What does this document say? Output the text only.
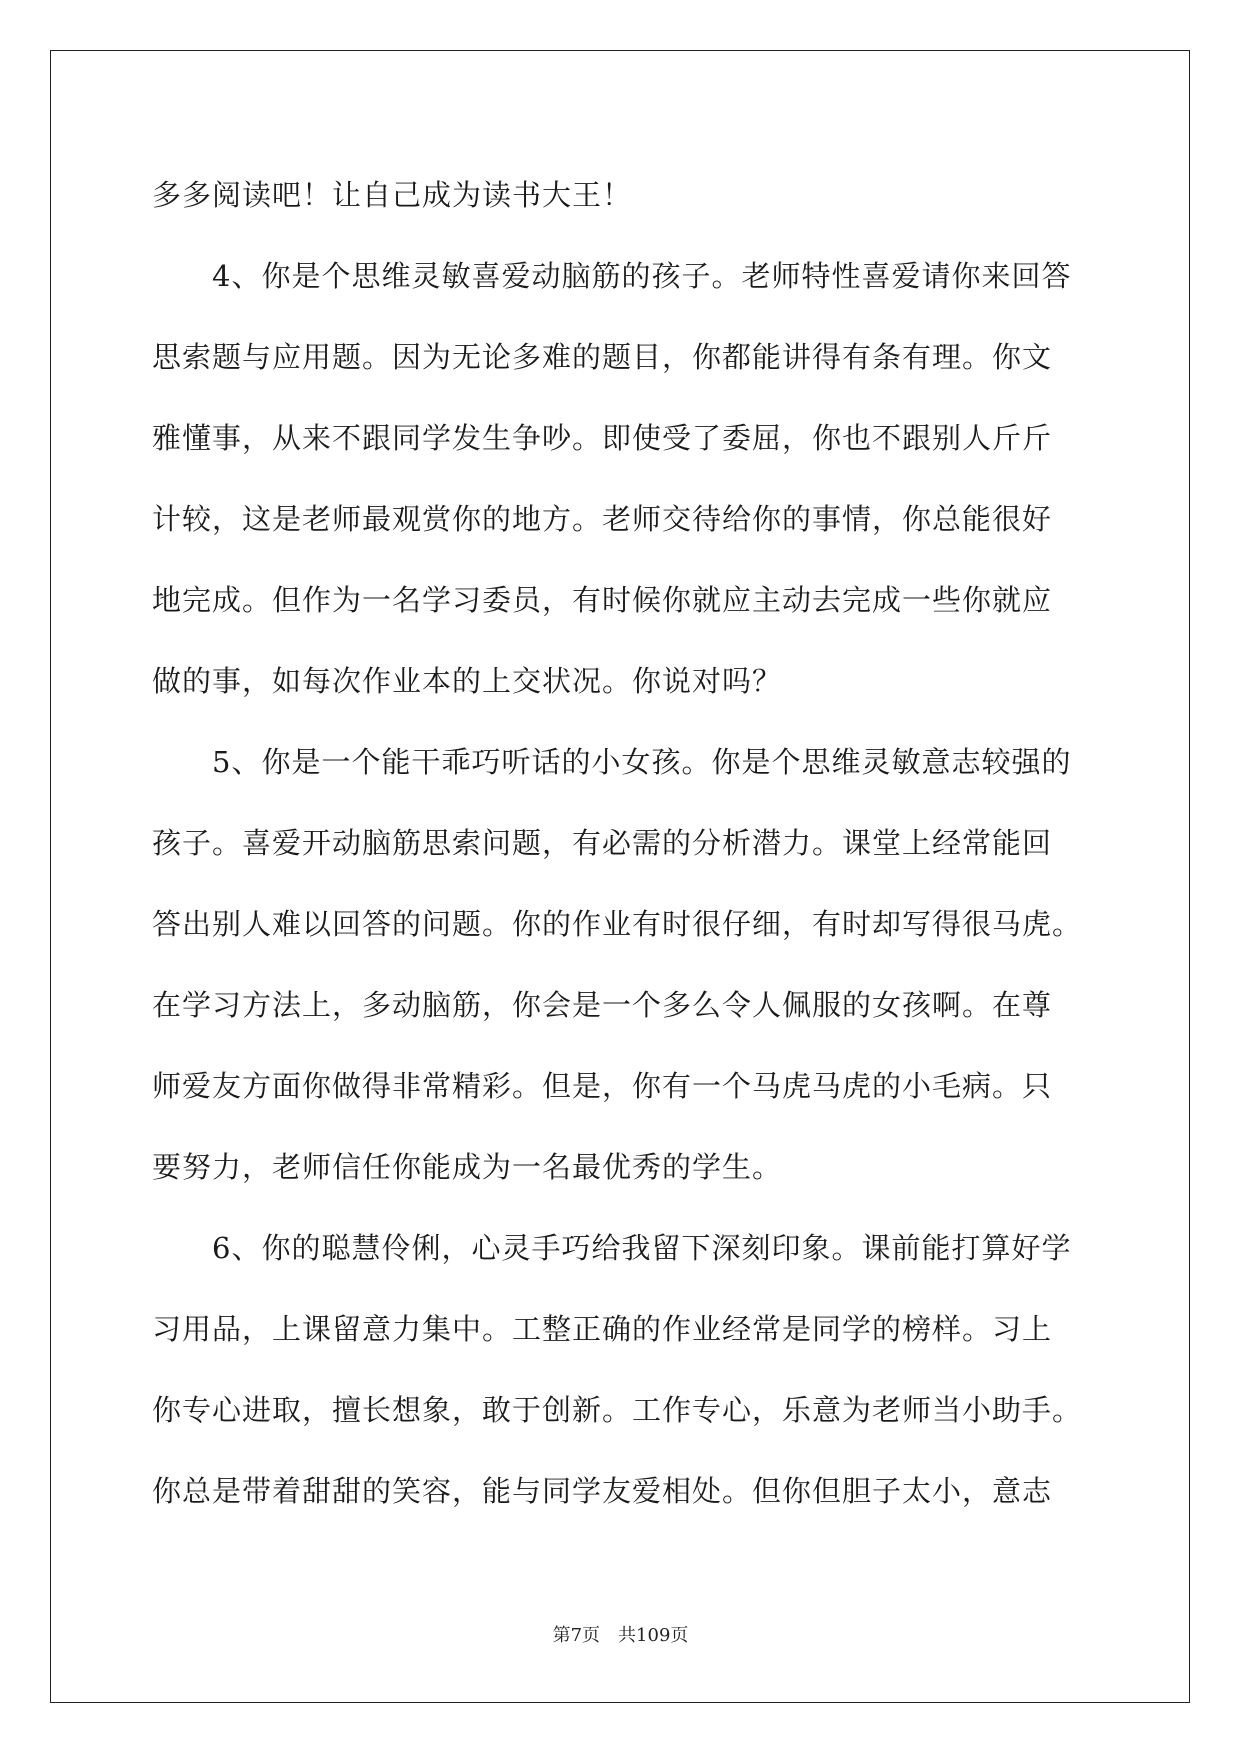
多多阅读吧！让自己成为读书大王！
　　4、你是个思维灵敏喜爱动脑筋的孩子。老师特性喜爱请你来回答
思索题与应用题。因为无论多难的题目，你都能讲得有条有理。你文
雅懂事，从来不跟同学发生争吵。即使受了委屈，你也不跟别人斤斤
计较，这是老师最观赏你的地方。老师交待给你的事情，你总能很好
地完成。但作为一名学习委员，有时候你就应主动去完成一些你就应
做的事，如每次作业本的上交状况。你说对吗？
　　5、你是一个能干乖巧听话的小女孩。你是个思维灵敏意志较强的
孩子。喜爱开动脑筋思索问题，有必需的分析潜力。课堂上经常能回
答出别人难以回答的问题。你的作业有时很仔细，有时却写得很马虎。
在学习方法上，多动脑筋，你会是一个多么令人佩服的女孩啊。在尊
师爱友方面你做得非常精彩。但是，你有一个马虎马虎的小毛病。只
要努力，老师信任你能成为一名最优秀的学生。
　　6、你的聪慧伶俐，心灵手巧给我留下深刻印象。课前能打算好学
习用品，上课留意力集中。工整正确的作业经常是同学的榜样。习上
你专心进取，擅长想象，敢于创新。工作专心，乐意为老师当小助手。
你总是带着甜甜的笑容，能与同学友爱相处。但你但胆子太小，意志
第7页　共109页
